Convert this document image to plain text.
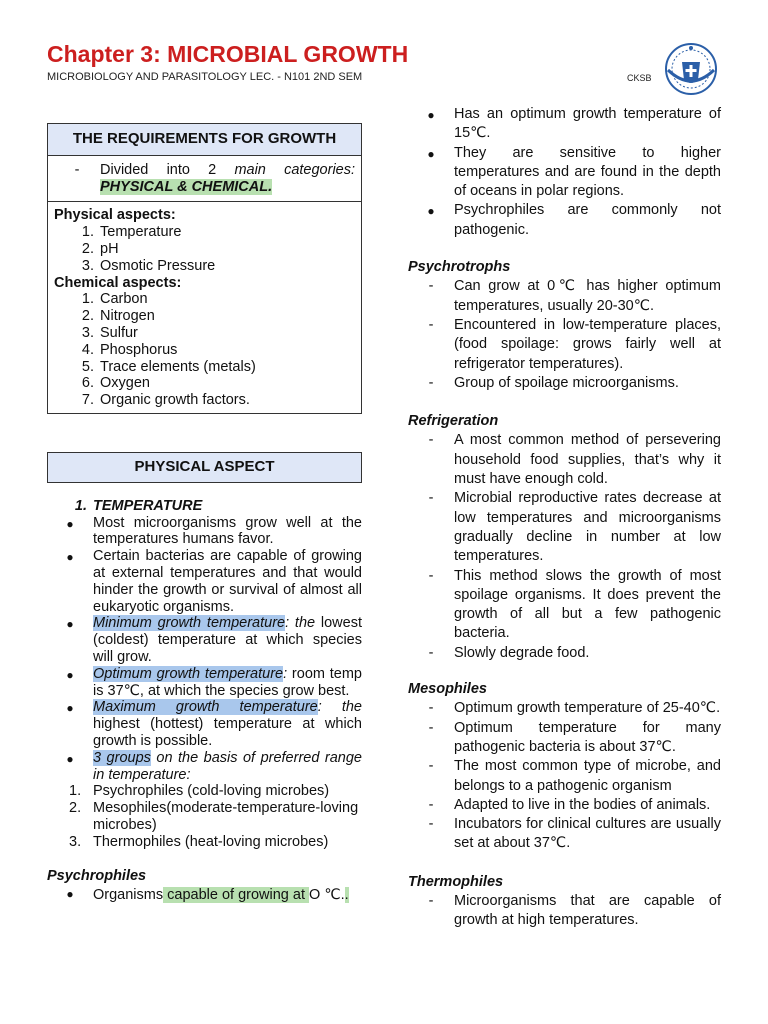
Chapter 3: MICROBIAL GROWTH
MICROBIOLOGY AND PARASITOLOGY LEC. - N101 2ND SEM	CKSB
THE REQUIREMENTS FOR GROWTH
-	Divided into 2 main categories: PHYSICAL & CHEMICAL.
Physical aspects:
1. Temperature
2. pH
3. Osmotic Pressure
Chemical aspects:
1. Carbon
2. Nitrogen
3. Sulfur
4. Phosphorus
5. Trace elements (metals)
6. Oxygen
7. Organic growth factors.
PHYSICAL ASPECT
1. TEMPERATURE
●	Most microorganisms grow well at the temperatures humans favor.
●	Certain bacterias are capable of growing at external temperatures and that would hinder the growth or survival of almost all eukaryotic organisms.
●	Minimum growth temperature: the lowest (coldest) temperature at which species will grow.
●	Optimum growth temperature: room temp is 37℃, at which the species grow best.
●	Maximum growth temperature: the highest (hottest) temperature at which growth is possible.
●	3 groups on the basis of preferred range in temperature:
1. Psychrophiles (cold-loving microbes)
2. Mesophiles(moderate-temperature-loving microbes)
3. Thermophiles (heat-loving microbes)
Psychrophiles
●	Organisms capable of growing at O ℃..
●	Has an optimum growth temperature of 15℃.
●	They are sensitive to higher temperatures and are found in the depth of oceans in polar regions.
●	Psychrophiles are commonly not pathogenic.
Psychrotrophs
-	Can grow at 0℃ has higher optimum temperatures, usually 20-30℃.
-	Encountered in low-temperature places, (food spoilage: grows fairly well at refrigerator temperatures).
-	Group of spoilage microorganisms.
Refrigeration
-	A most common method of persevering household food supplies, that’s why it must have enough cold.
-	Microbial reproductive rates decrease at low temperatures and microorganisms gradually decline in number at low temperatures.
-	This method slows the growth of most spoilage organisms. It does prevent the growth of all but a few pathogenic bacteria.
-	Slowly degrade food.
Mesophiles
-	Optimum growth temperature of 25-40℃.
-	Optimum temperature for many pathogenic bacteria is about 37℃.
-	The most common type of microbe, and belongs to a pathogenic organism
-	Adapted to live in the bodies of animals.
-	Incubators for clinical cultures are usually set at about 37℃.
Thermophiles
-	Microorganisms that are capable of growth at high temperatures.
